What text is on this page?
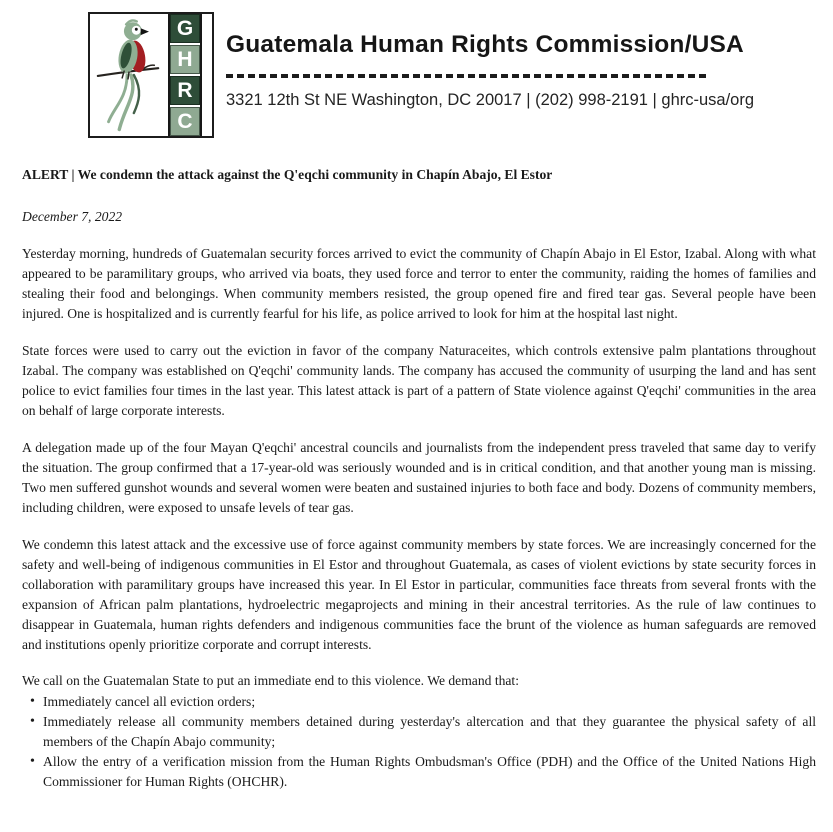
G
H
R
C
Guatemala Human Rights Commission/USA
3321 12th St NE Washington, DC 20017 | (202) 998-2191 | ghrc-usa/org

ALERT | We condemn the attack against the Q'eqchi community in Chapín Abajo, El Estor

December 7, 2022

Yesterday morning, hundreds of Guatemalan security forces arrived to evict the community of Chapín Abajo in El Estor, Izabal. Along with what appeared to be paramilitary groups, who arrived via boats, they used force and terror to enter the community, raiding the homes of families and stealing their food and belongings. When community members resisted, the group opened fire and fired tear gas. Several people have been injured. One is hospitalized and is currently fearful for his life, as police arrived to look for him at the hospital last night.

State forces were used to carry out the eviction in favor of the company Naturaceites, which controls extensive palm plantations throughout Izabal. The company was established on Q'eqchi' community lands. The company has accused the community of usurping the land and has sent police to evict families four times in the last year. This latest attack is part of a pattern of State violence against Q'eqchi' communities in the area on behalf of large corporate interests.

A delegation made up of the four Mayan Q'eqchi' ancestral councils and journalists from the independent press traveled that same day to verify the situation. The group confirmed that a 17-year-old was seriously wounded and is in critical condition, and that another young man is missing. Two men suffered gunshot wounds and several women were beaten and sustained injuries to both face and body. Dozens of community members, including children, were exposed to unsafe levels of tear gas.

We condemn this latest attack and the excessive use of force against community members by state forces. We are increasingly concerned for the safety and well-being of indigenous communities in El Estor and throughout Guatemala, as cases of violent evictions by state security forces in collaboration with paramilitary groups have increased this year. In El Estor in particular, communities face threats from several fronts with the expansion of African palm plantations, hydroelectric megaprojects and mining in their ancestral territories. As the rule of law continues to disappear in Guatemala, human rights defenders and indigenous communities face the brunt of the violence as human safeguards are removed and institutions openly prioritize corporate and corrupt interests.

We call on the Guatemalan State to put an immediate end to this violence. We demand that:

• Immediately cancel all eviction orders;
• Immediately release all community members detained during yesterday's altercation and that they guarantee the physical safety of all members of the Chapín Abajo community;
• Allow the entry of a verification mission from the Human Rights Ombudsman's Office (PDH) and the Office of the United Nations High Commissioner for Human Rights (OHCHR).
